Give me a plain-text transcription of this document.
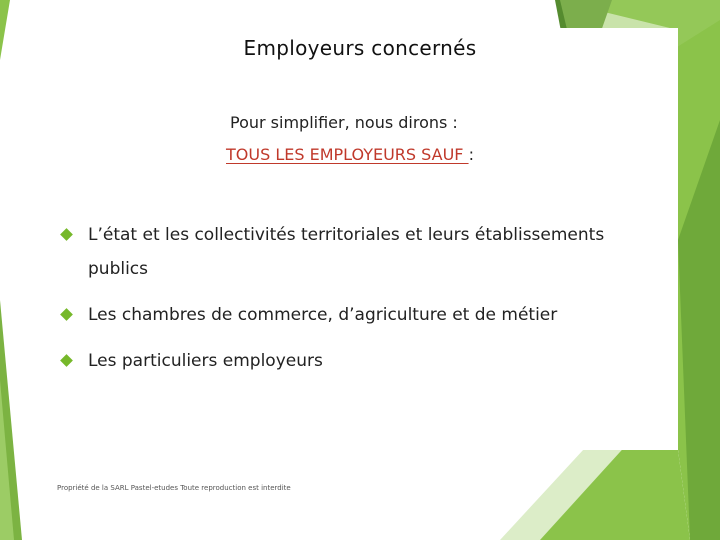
Employeurs concernés
Pour simplifier, nous dirons :
TOUS LES EMPLOYEURS SAUF :
L’état et les collectivités territoriales et leurs établissements publics
Les chambres de commerce, d’agriculture et de métier
Les particuliers employeurs
Propriété de la SARL Pastel-etudes Toute reproduction est interdite
